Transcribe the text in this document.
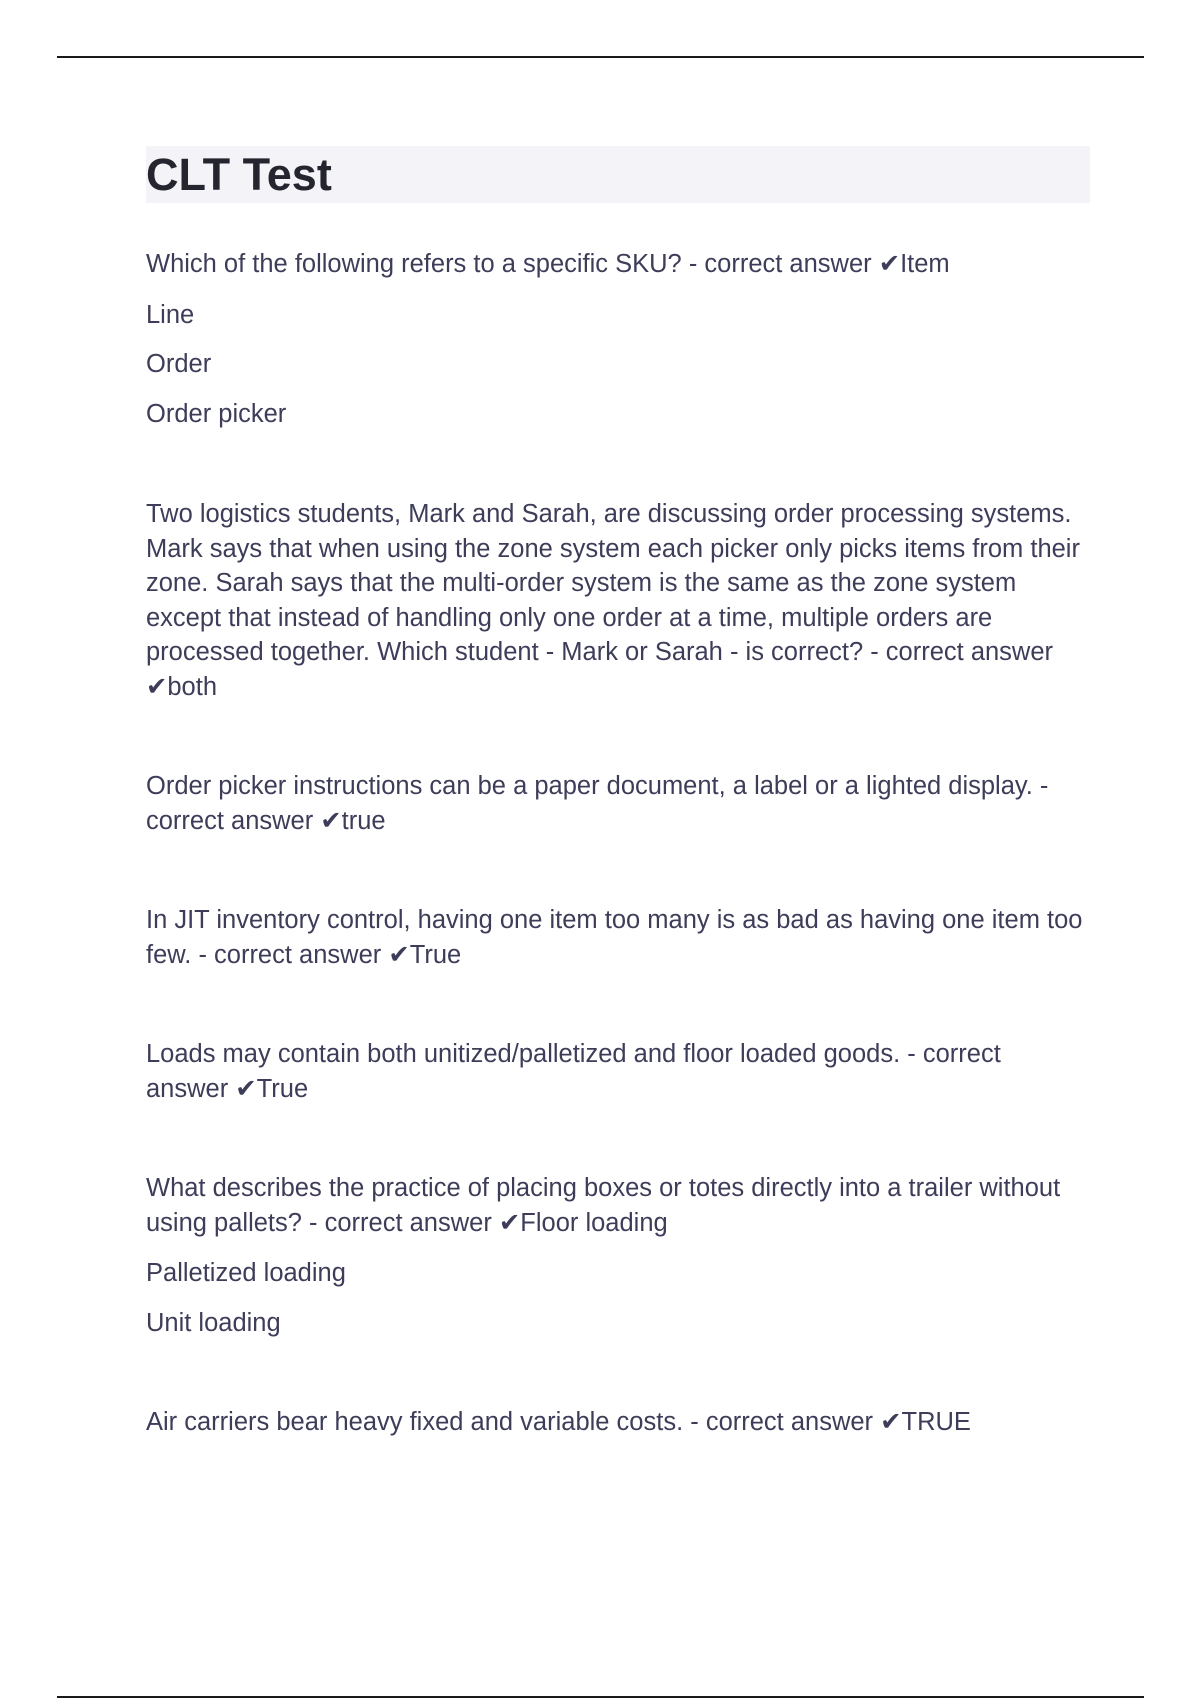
CLT Test

Which of the following refers to a specific SKU? - correct answer ✔Item

Line

Order

Order picker

Two logistics students, Mark and Sarah, are discussing order processing systems. Mark says that when using the zone system each picker only picks items from their zone. Sarah says that the multi-order system is the same as the zone system except that instead of handling only one order at a time, multiple orders are processed together. Which student - Mark or Sarah - is correct? - correct answer ✔both

Order picker instructions can be a paper document, a label or a lighted display. - correct answer ✔true

In JIT inventory control, having one item too many is as bad as having one item too few. - correct answer ✔True

Loads may contain both unitized/palletized and floor loaded goods. - correct answer ✔True

What describes the practice of placing boxes or totes directly into a trailer without using pallets? - correct answer ✔Floor loading

Palletized loading

Unit loading

Air carriers bear heavy fixed and variable costs. - correct answer ✔TRUE
